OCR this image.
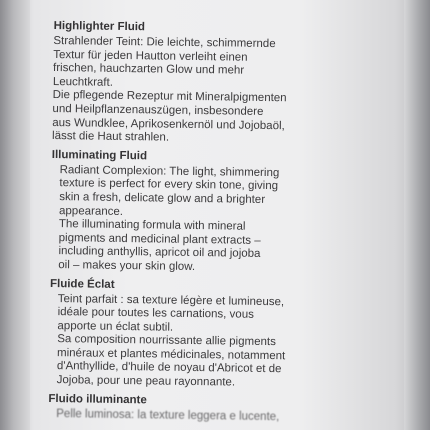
Highlighter Fluid
Strahlender Teint: Die leichte, schimmernde
Textur für jeden Hautton verleiht einen
frischen, hauchzarten Glow und mehr
Leuchtkraft.
Die pflegende Rezeptur mit Mineralpigmenten
und Heilpflanzenauszügen, insbesondere
aus Wundklee, Aprikosenkernöl und Jojobaöl,
lässt die Haut strahlen.
Illuminating Fluid
Radiant Complexion: The light, shimmering
texture is perfect for every skin tone, giving
skin a fresh, delicate glow and a brighter
appearance.
The illuminating formula with mineral
pigments and medicinal plant extracts –
including anthyllis, apricot oil and jojoba
oil – makes your skin glow.
Fluide Éclat
Teint parfait : sa texture légère et lumineuse,
idéale pour toutes les carnations, vous
apporte un éclat subtil.
Sa composition nourrissante allie pigments
minéraux et plantes médicinales, notamment
d'Anthyllide, d'huile de noyau d'Abricot et de
Jojoba, pour une peau rayonnante.
Fluido illuminante
Pelle luminosa: la texture leggera e lucente,
